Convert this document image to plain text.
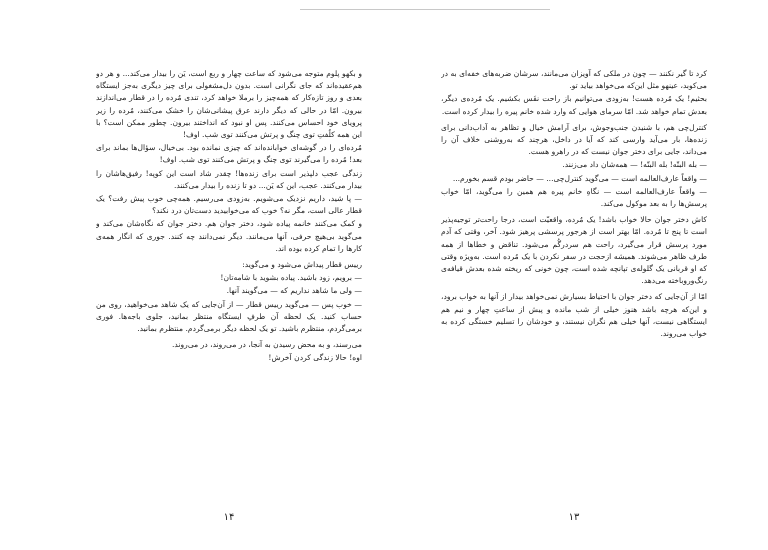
و بکهو پلوم متوجه می‌شود که ساعت چهار و ربع است، یَن را بیدار می‌کند... و هر دو هم‌عقیده‌اند که جای نگرانی است. بدون دل‌مشغولی برای چیز دیگری به‌جز ایستگاه بعدی و روز تازه‌کار که همه‌چیز را برملا خواهد کرد، تندی مُرده را در قطار می‌اندازند بیرون. امّا در حالی که دیگر دارند عرق پیشانی‌شان را خشک می‌کنند، مُرده را زیر پرویای خود احساس می‌کنند. پس او نبود که انداختند بیرون. چطور ممکن است؟ با این همه کلُفتِ توی چنگ و پرتش می‌کنند توی شب. اوف!

مُرده‌ای را در گوشه‌ای خوابانده‌اند که چیزی نمانده بود. بی‌خیال، سؤال‌ها بماند برای بعد! مُرده را می‌گیرند توی چنگ و پرتش می‌کنند توی شب. اوف!

زندگی عجب دلپذیر است برای زنده‌ها! چقدر شاد است این کوپه! رفیق‌هاشان را بیدار می‌کنند. عجب، این که یَن... دو تا زنده را بیدار می‌کنند.

— پا شید، داریم نزدیک می‌شویم. بەزودی می‌رسیم. همه‌چی خوب پیش رفت؟ یک قطار عالی است، مگر نه؟ خوب که می‌خوابیدید دست‌تان درد نکند؟

و کمک می‌کنند خانمه پیاده شود، دختر جوان هم. دختر جوان که نگاه‌شان می‌کند و می‌گوید بی‌هیچ حرفی، آنها می‌مانند. دیگر نمی‌دانند چه کنند. جوری که انگار همه‌ی کارها را تمام کرده بوده اند.

رییس قطار پیداش می‌شود و می‌گوید:

— برویم، زود باشید. پیاده بشوید با شامه‌تان!

— ولی ما شاهد نداریم که — می‌گویند آنها.

— خوب پس — می‌گوید رییس قطار — از آن‌جایی که یک شاهد می‌خواهید، روی من حساب کنید. یک لحظه آن طرفِ ایستگاه منتظر بمانید، جلوی باجه‌ها. فوری برمی‌گردم، منتظرم باشید. تو یک لحظه دیگر برمی‌گردم. منتظرم بمانید.

می‌رسند، و به محض رسیدن به آنجا، در می‌روند، در می‌روند.

اوه! حالا زندگی کردن آخرش!

کرد تا گیر نکنند — چون در ملکی که آویزان می‌مانند، سرشان ضربه‌های خفه‌ای به در می‌کوبد، عینهو مثل این‌که می‌خواهد بیاید تو.

بحثیم! یک مُرده هست! بەزودی می‌توانیم باز راحت نفَس بکشیم. یک مُرده‌ی دیگر، بعدش تمام خواهد شد. امّا سرمای هوایی که وارد شده خانم پیره را بیدار کرده است.

کنترل‌چی هم، با شنیدن جنب‌وجوش، برای آرامش خیال و تظاهر به آداب‌دانی برای زنده‌ها، بار می‌آید وارسی کند که آیا در داخل، هرچند که به‌روشنی خلاف آن را می‌داند، جایی برای دختر جوان نیست که در راهرو هست.

— بله البتّه! بله البتّه! — همه‌شان داد می‌زنند.

— واقعاً عارف‌العالمه است — می‌گوید کنترل‌چی... — حاضر بودم قسم بخورم...

— واقعاً عارف‌العالمه است — نگاهِ خانم پیره هم همین را می‌گوید، امّا خواب پرسش‌ها را به بعد موکول می‌کند.

کاش دختر جوان حالا خواب باشد! یک مُرده، واقعیّت است، درجا راحت‌تر توجیه‌پذیر است تا پنج تا مُرده. امّا بهتر است از هرجور پرسشی پرهیز شود. آخر، وقتی که آدم مورد پرسش قرار می‌گیرد، راحت هم سردرگُم می‌شود. تناقض و خطاها از همه طرف ظاهر می‌شوند. همیشه ازحجت در سفر نکردن با یک مُرده است. به‌ویژه وقتی که او قربانی یک گلوله‌ی تپانچه شده است، چون خونی که ریخته شده بعدش قیافه‌ی رنگ‌وروباخته می‌دهد.

امّا از آن‌جایی که دختر جوان با احتیاط بسیارش نمی‌خواهد بیدار از آنها به خواب برود، و این‌که هرچه باشد هنوز خیلی از شب مانده و پیش از ساعتِ چهار و نیم هم ایستگاهی نیست، آنها خیلی هم نگران نیستند، و خودشان را تسلیم خستگی کرده به خواب می‌روند.

۱۴	۱۳
